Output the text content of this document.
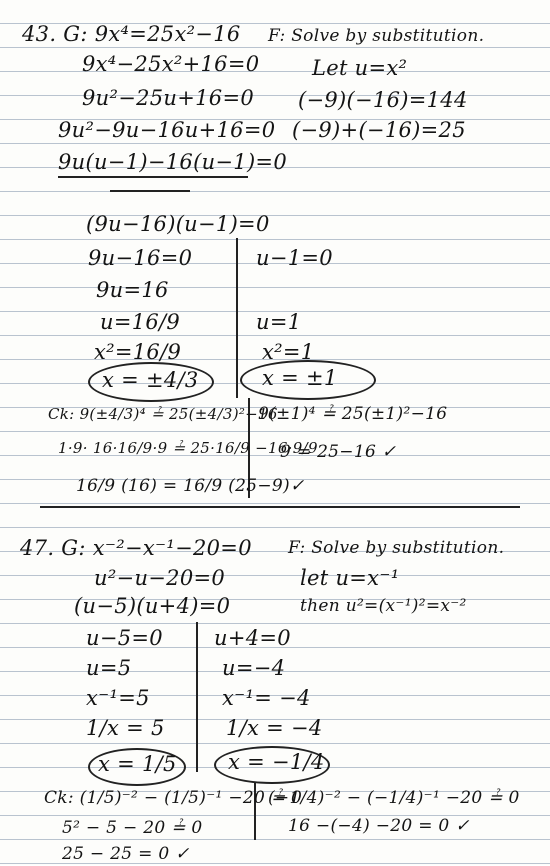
43. G: 9x⁴=25x²−16 F: Solve by substitution.
9x⁴−25x²+16=0	Let u=x²
9u²−25u+16=0 (−9)(−16)=144
9u²−9u−16u+16=0 (−9)+(−16)=25
9u(u−1)−16(u−1)=0
(9u−16)(u−1)=0
9u−16=0	u−1=0
9u=16
u=16/9	u=1
x²=16/9	x²=1
x = ±4/3	x = ±1
Ck: 9(±4/3)⁴ ≟ 25(±4/3)²−16
9(±1)⁴ ≟ 25(±1)²−16
1·9· 16·16/9·9 ≟ 25·16/9 −16·9/9
9 = 25−16 ✓
16/9 (16) = 16/9 (25−9)✓
47. G: x⁻²−x⁻¹−20=0 F: Solve by substitution.
u²−u−20=0	let u=x⁻¹
(u−5)(u+4)=0	then u²=(x⁻¹)²=x⁻²
u−5=0 u+4=0
u=5	u=−4
x⁻¹=5	x⁻¹= −4
1/x = 5	1/x = −4
x = 1/5 x = −1/4
Ck: (1/5)⁻² − (1/5)⁻¹ −20 ≟ 0
(−1/4)⁻² − (−1/4)⁻¹ −20 ≟ 0
5² − 5 − 20 ≟ 0	16 −(−4) −20 = 0 ✓
25 − 25 = 0 ✓
